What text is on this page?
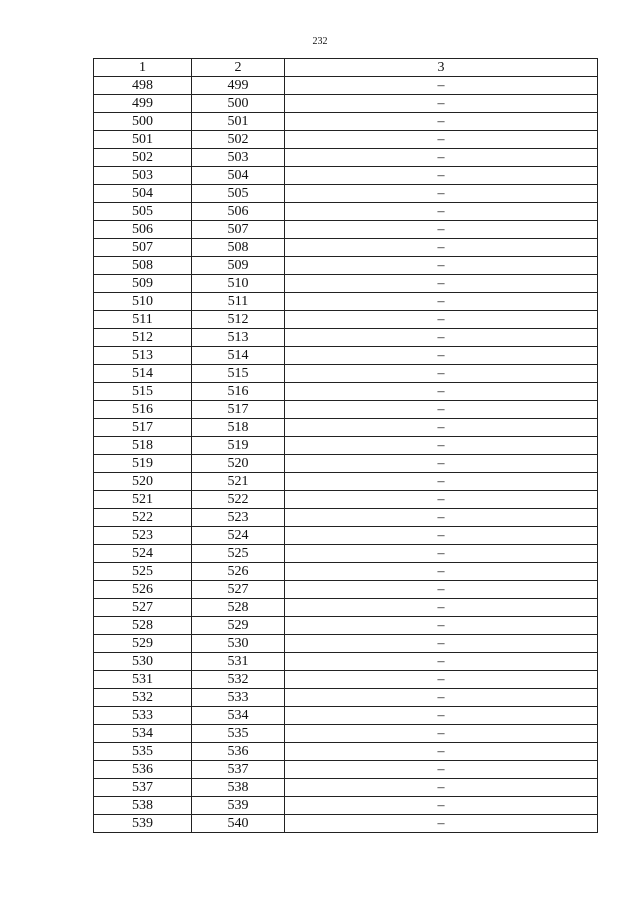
232
1	2	3
498	499	–
499	500	–
500	501	–
501	502	–
502	503	–
503	504	–
504	505	–
505	506	–
506	507	–
507	508	–
508	509	–
509	510	–
510	511	–
511	512	–
512	513	–
513	514	–
514	515	–
515	516	–
516	517	–
517	518	–
518	519	–
519	520	–
520	521	–
521	522	–
522	523	–
523	524	–
524	525	–
525	526	–
526	527	–
527	528	–
528	529	–
529	530	–
530	531	–
531	532	–
532	533	–
533	534	–
534	535	–
535	536	–
536	537	–
537	538	–
538	539	–
539	540	–
